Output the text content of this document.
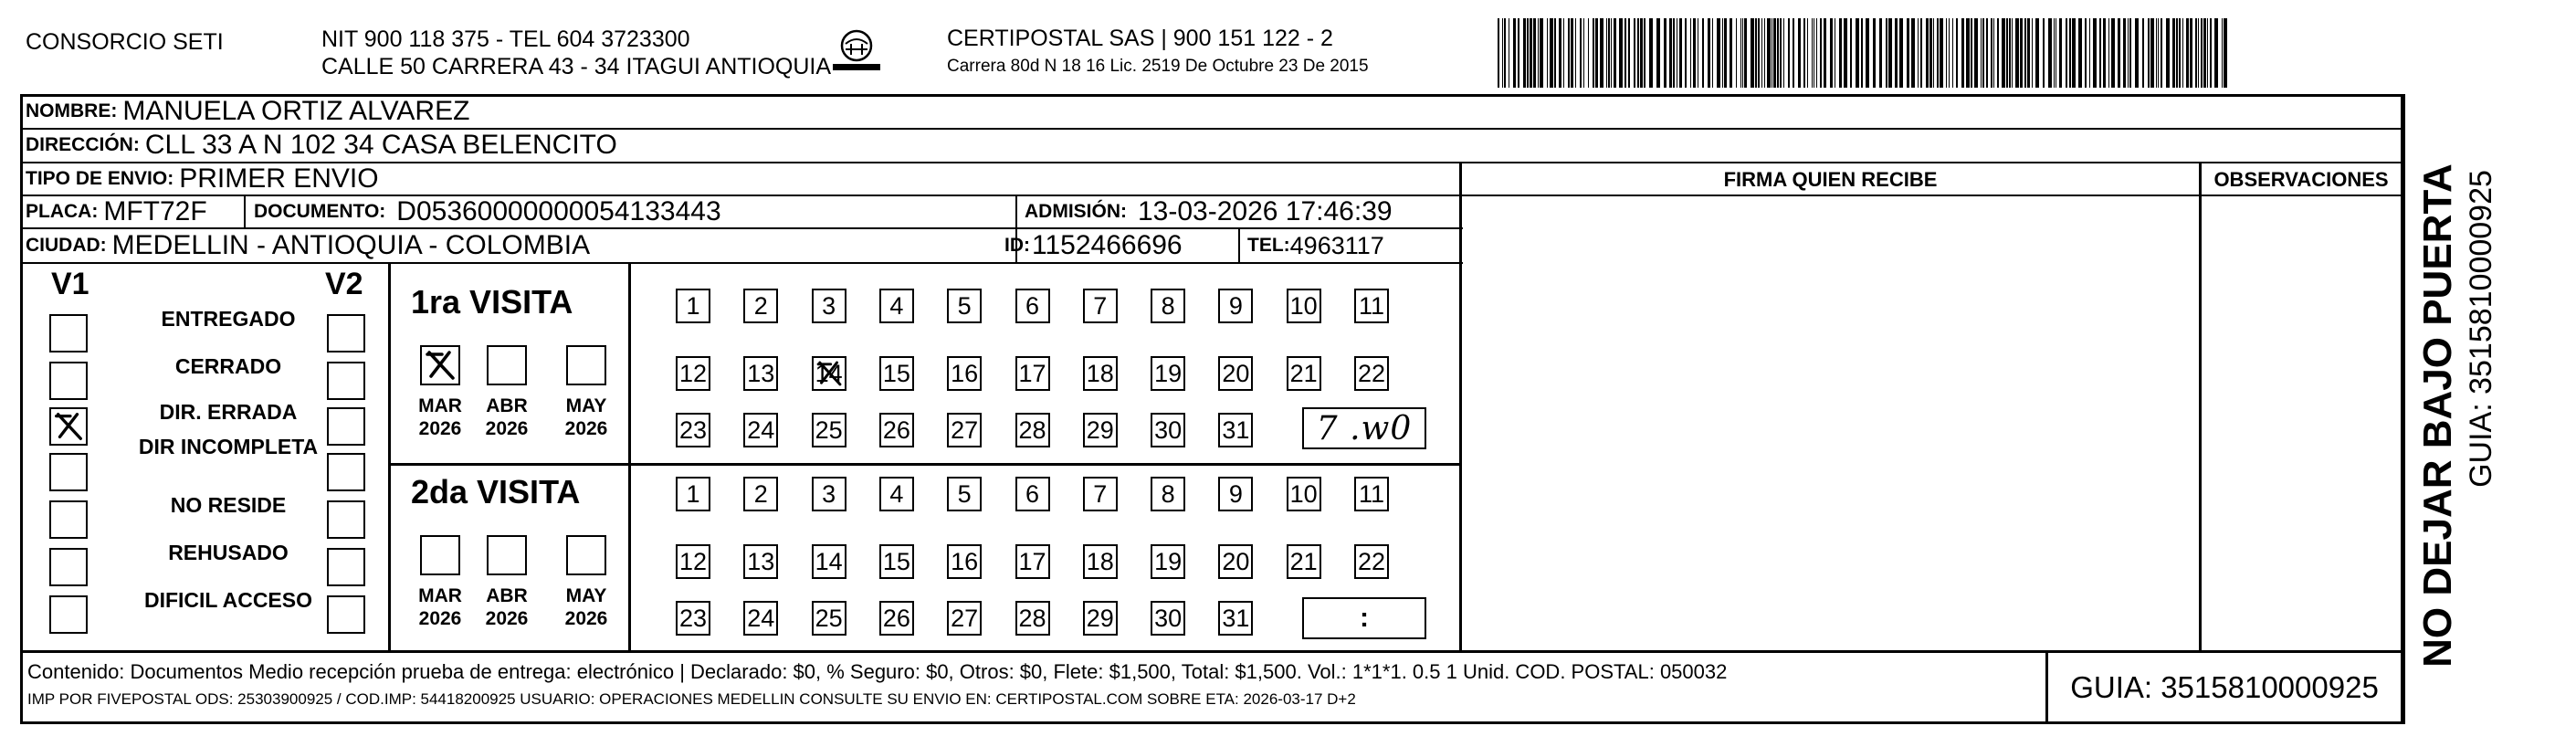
CONSORCIO SETI	NIT 900 118 375 - TEL 604 3723300
CALLE 50 CARRERA 43 - 34 ITAGUI ANTIOQUIA
CERTIPOSTAL SAS | 900 151 122 - 2
Carrera 80d N 18 16 Lic. 2519 De Octubre 23 De 2015
NOMBRE: MANUELA ORTIZ ALVAREZ
DIRECCIÓN: CLL 33 A N 102 34 CASA BELENCITO
TIPO DE ENVIO: PRIMER ENVIO
PLACA: MFT72F DOCUMENTO: D05360000000054133443	ADMISIÓN: 13-03-2026 17:46:39
CIUDAD: MEDELLIN - ANTIOQUIA - COLOMBIA	ID: 1152466696	TEL: 4963117
FIRMA QUIEN RECIBE	OBSERVACIONES
V1	V2 1ra VISITA
2da VISITA
7 .w0
:
Contenido: Documentos Medio recepción prueba de entrega: electrónico | Declarado: $0, % Seguro: $0, Otros: $0, Flete: $1,500, Total: $1,500. Vol.: 1*1*1. 0.5 1 Unid. COD. POSTAL: 050032
IMP POR FIVEPOSTAL ODS: 25303900925 / COD.IMP: 54418200925 USUARIO: OPERACIONES MEDELLIN CONSULTE SU ENVIO EN: CERTIPOSTAL.COM SOBRE ETA: 2026-03-17 D+2	GUIA: 3515810000925
NO DEJAR BAJO PUERTA GUIA: 3515810000925
ENTREGADO
CERRADO
DIR. ERRADA
DIR INCOMPLETA
NO RESIDE
REHUSADO
DIFICIL ACCESO
MAR
2026
ABR
2026
MAY
2026
MAR
2026
ABR
2026
MAY
2026
1 2 3 4 5 6 7 8 9 10 11
12 13 14 15 16 17 18 19 20 21 22
23 24 25 26 27 28 29 30 31
1 2 3 4 5 6 7 8 9 10 11
12 13 14 15 16 17 18 19 20 21 22
23 24 25 26 27 28 29 30 31
